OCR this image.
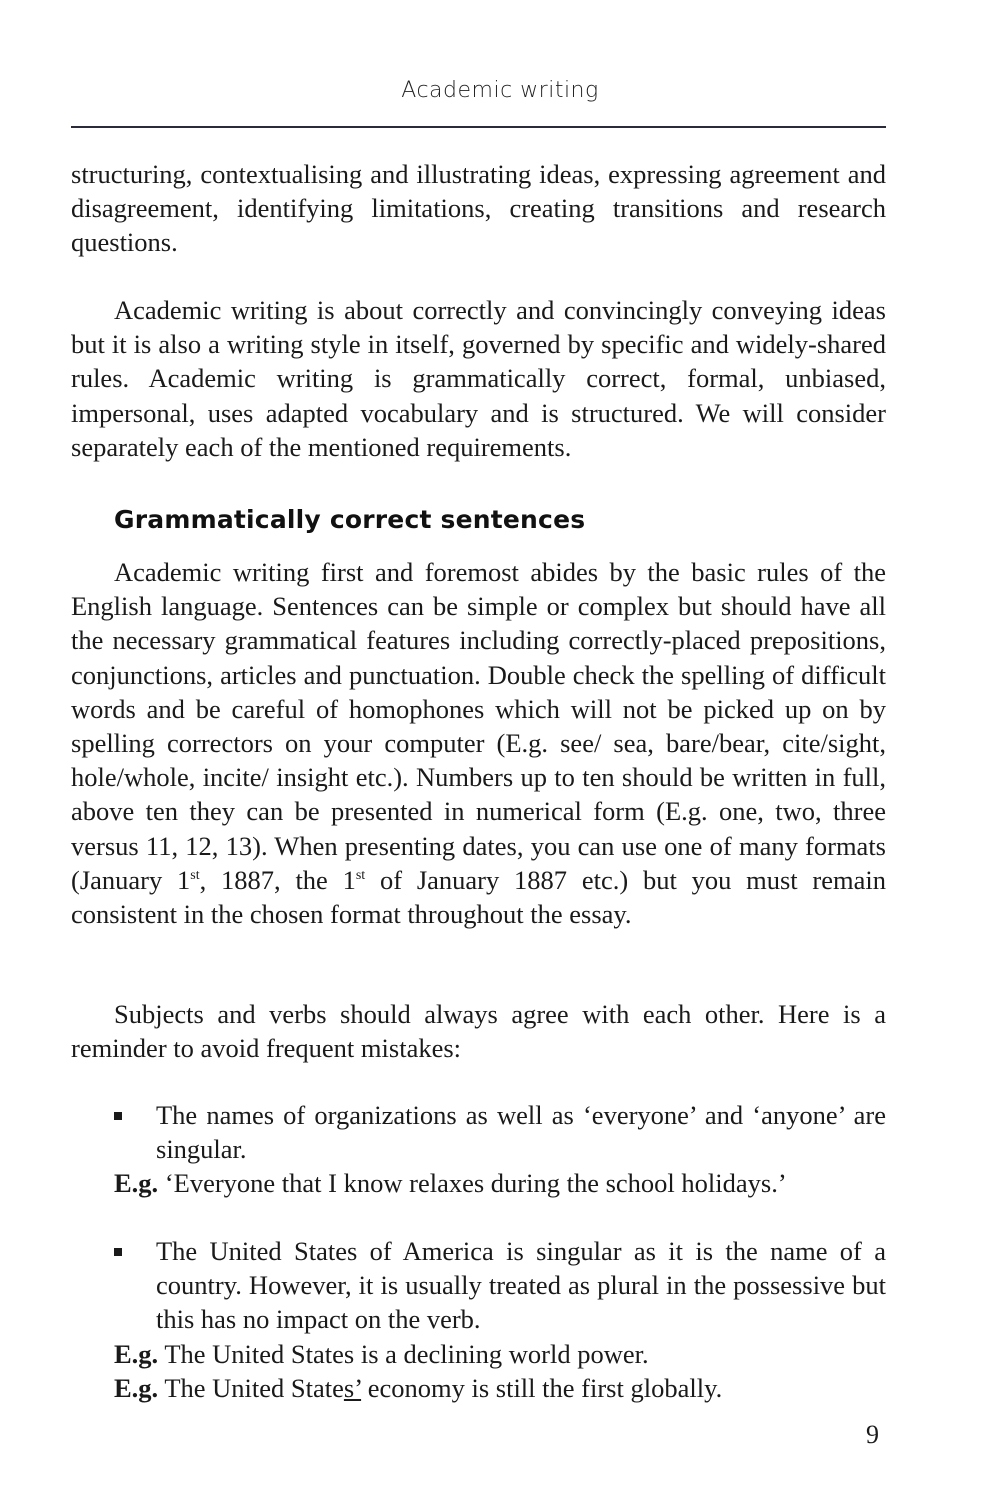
Academic writing

structuring, contextualising and illustrating ideas, expressing agreement and disagreement, identifying limitations, creating transitions and research questions.

Academic writing is about correctly and convincingly conveying ideas but it is also a writing style in itself, governed by specific and widely-shared rules. Academic writing is grammatically correct, formal, unbiased, impersonal, uses adapted vocabulary and is structured. We will consider separately each of the mentioned requirements.

Grammatically correct sentences

Academic writing first and foremost abides by the basic rules of the English language. Sentences can be simple or complex but should have all the necessary grammatical features including correctly-placed prepositions, conjunctions, articles and punctuation. Double check the spelling of difficult words and be careful of homophones which will not be picked up on by spelling correctors on your computer (E.g. see/ sea, bare/bear, cite/sight, hole/whole, incite/ insight etc.). Numbers up to ten should be written in full, above ten they can be presented in numerical form (E.g. one, two, three versus 11, 12, 13). When presenting dates, you can use one of many formats (January 1st, 1887, the 1st of January 1887 etc.) but you must remain consistent in the chosen format throughout the essay.

Subjects and verbs should always agree with each other. Here is a reminder to avoid frequent mistakes:

The names of organizations as well as ‘everyone’ and ‘anyone’ are singular.
E.g. ‘Everyone that I know relaxes during the school holidays.’
The United States of America is singular as it is the name of a country. However, it is usually treated as plural in the possessive but this has no impact on the verb.
E.g. The United States is a declining world power.
E.g. The United States’ economy is still the first globally.
9
